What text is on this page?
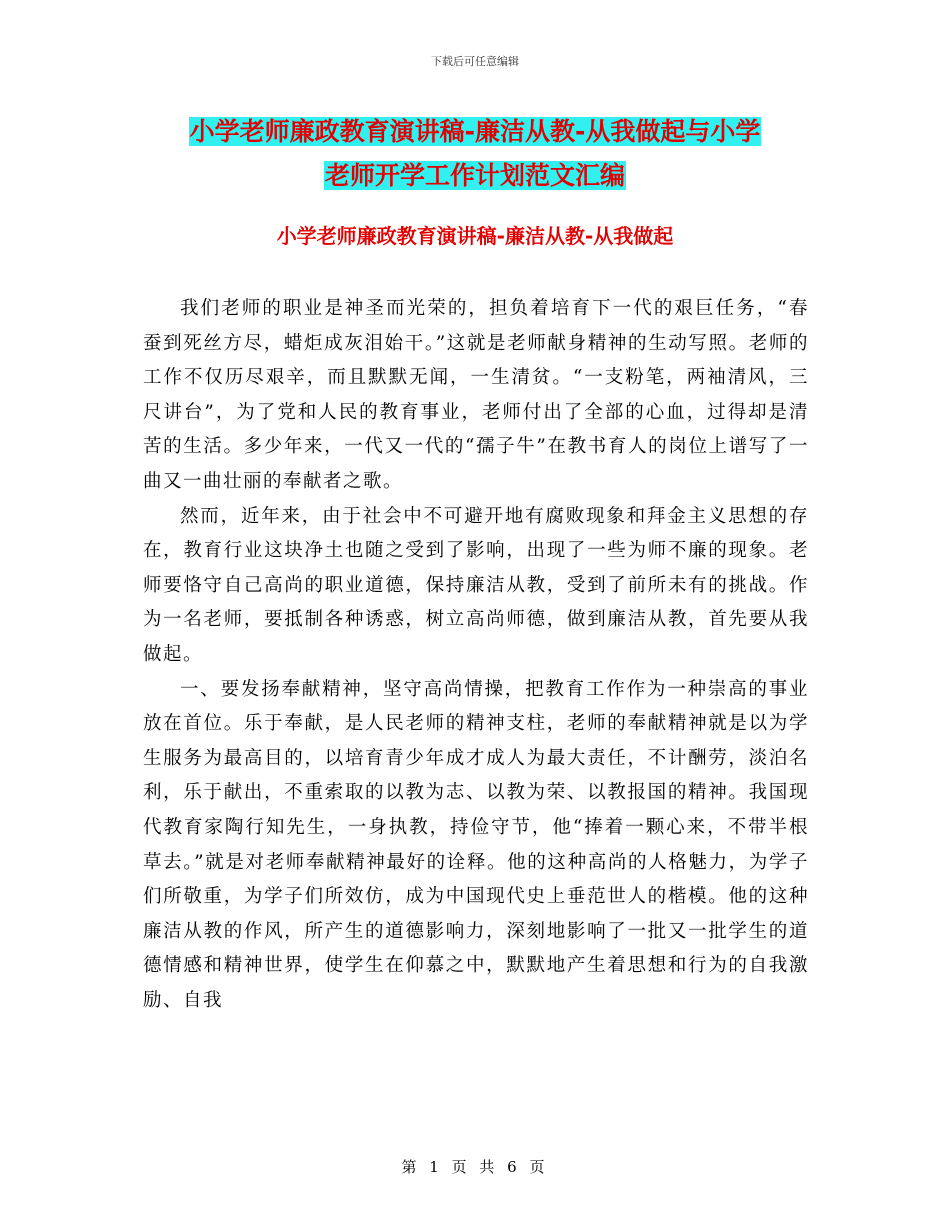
下载后可任意编辑
小学老师廉政教育演讲稿-廉洁从教-从我做起与小学
老师开学工作计划范文汇编
小学老师廉政教育演讲稿-廉洁从教-从我做起

我们老师的职业是神圣而光荣的，担负着培育下一代的艰巨任务，“春蚕到死丝方尽，蜡炬成灰泪始干。”这就是老师献身精神的生动写照。老师的工作不仅历尽艰辛，而且默默无闻，一生清贫。“一支粉笔，两袖清风，三尺讲台”，为了党和人民的教育事业，老师付出了全部的心血，过得却是清苦的生活。多少年来，一代又一代的“孺子牛”在教书育人的岗位上谱写了一曲又一曲壮丽的奉献者之歌。

然而，近年来，由于社会中不可避开地有腐败现象和拜金主义思想的存在，教育行业这块净土也随之受到了影响，出现了一些为师不廉的现象。老师要恪守自己高尚的职业道德，保持廉洁从教，受到了前所未有的挑战。作为一名老师，要抵制各种诱惑，树立高尚师德，做到廉洁从教，首先要从我做起。

一、要发扬奉献精神，坚守高尚情操，把教育工作作为一种崇高的事业放在首位。乐于奉献，是人民老师的精神支柱，老师的奉献精神就是以为学生服务为最高目的，以培育青少年成才成人为最大责任，不计酬劳，淡泊名利，乐于献出，不重索取的以教为志、以教为荣、以教报国的精神。我国现代教育家陶行知先生，一身执教，持俭守节，他“捧着一颗心来，不带半根草去。”就是对老师奉献精神最好的诠释。他的这种高尚的人格魅力，为学子们所敬重，为学子们所效仿，成为中国现代史上垂范世人的楷模。他的这种廉洁从教的作风，所产生的道德影响力，深刻地影响了一批又一批学生的道德情感和精神世界，使学生在仰慕之中，默默地产生着思想和行为的自我激励、自我

第 1 页 共 6 页
